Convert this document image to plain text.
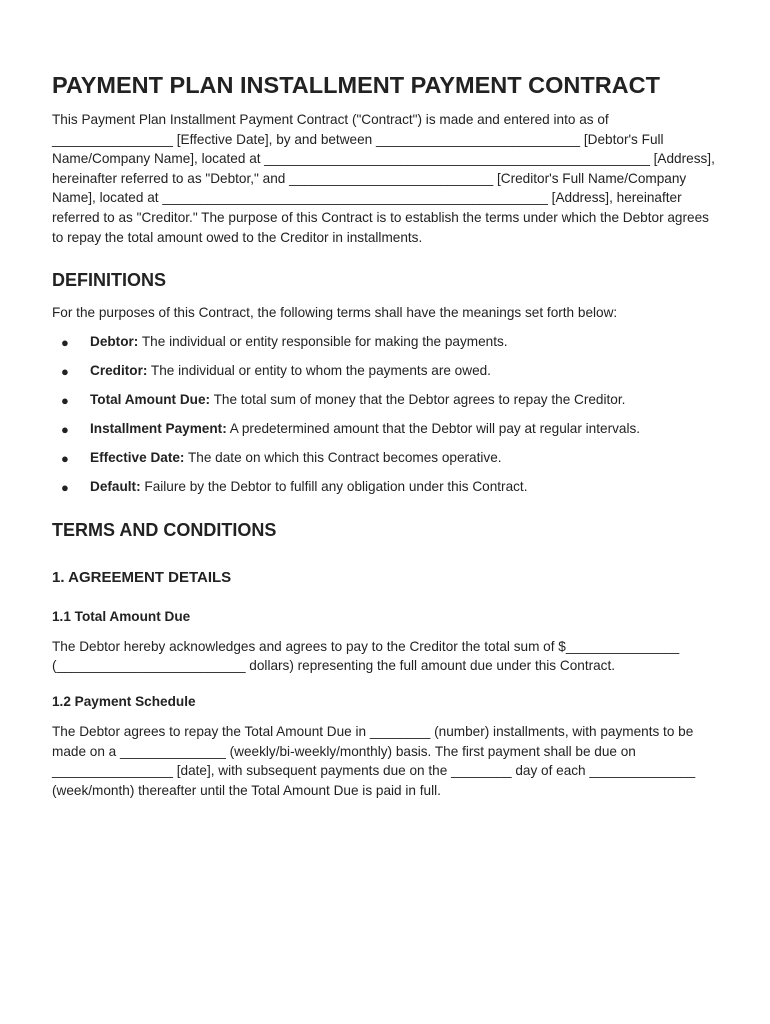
PAYMENT PLAN INSTALLMENT PAYMENT CONTRACT

This Payment Plan Installment Payment Contract ("Contract") is made and entered into as of ________________ [Effective Date], by and between ___________________________ [Debtor's Full Name/Company Name], located at ___________________________________________________ [Address], hereinafter referred to as "Debtor," and ___________________________ [Creditor's Full Name/Company Name], located at ___________________________________________________ [Address], hereinafter referred to as "Creditor." The purpose of this Contract is to establish the terms under which the Debtor agrees to repay the total amount owed to the Creditor in installments.

DEFINITIONS

For the purposes of this Contract, the following terms shall have the meanings set forth below:

● Debtor: The individual or entity responsible for making the payments.
● Creditor: The individual or entity to whom the payments are owed.
● Total Amount Due: The total sum of money that the Debtor agrees to repay the Creditor.
● Installment Payment: A predetermined amount that the Debtor will pay at regular intervals.
● Effective Date: The date on which this Contract becomes operative.
● Default: Failure by the Debtor to fulfill any obligation under this Contract.
TERMS AND CONDITIONS
1. AGREEMENT DETAILS
1.1 Total Amount Due

The Debtor hereby acknowledges and agrees to pay to the Creditor the total sum of $_______________ (_________________________ dollars) representing the full amount due under this Contract.

1.2 Payment Schedule

The Debtor agrees to repay the Total Amount Due in ________ (number) installments, with payments to be made on a ______________ (weekly/bi-weekly/monthly) basis. The first payment shall be due on ________________ [date], with subsequent payments due on the ________ day of each ______________ (week/month) thereafter until the Total Amount Due is paid in full.
